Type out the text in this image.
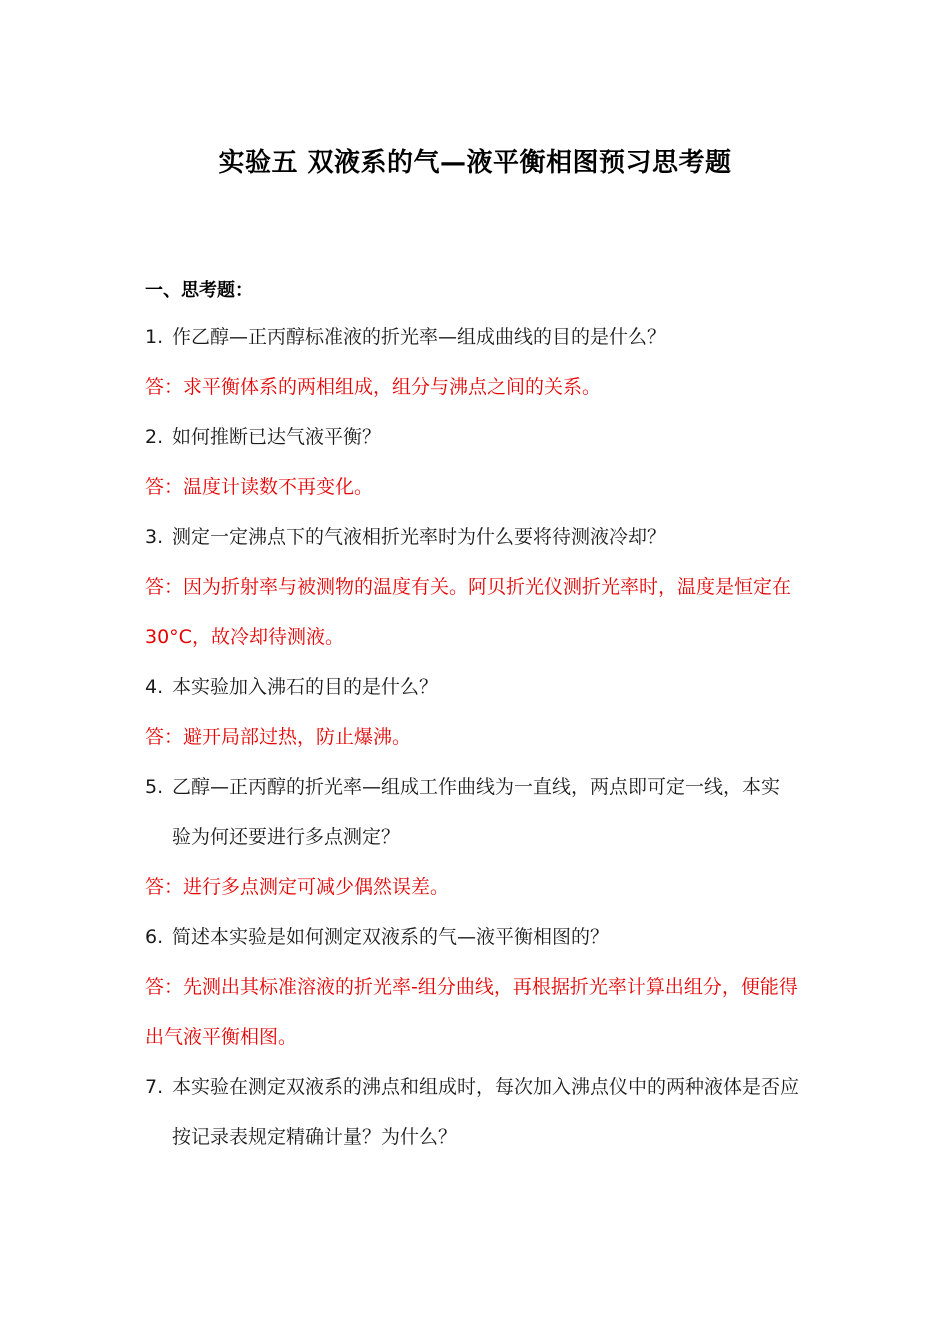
实验五 双液系的气—液平衡相图预习思考题
一、思考题：
1. 作乙醇—正丙醇标准液的折光率—组成曲线的目的是什么？
答：求平衡体系的两相组成，组分与沸点之间的关系。
2. 如何推断已达气液平衡？
答：温度计读数不再变化。
3. 测定一定沸点下的气液相折光率时为什么要将待测液冷却？
答：因为折射率与被测物的温度有关。阿贝折光仪测折光率时，温度是恒定在
30°C，故冷却待测液。
4. 本实验加入沸石的目的是什么？
答：避开局部过热，防止爆沸。
5. 乙醇—正丙醇的折光率—组成工作曲线为一直线，两点即可定一线，本实
验为何还要进行多点测定？
答：进行多点测定可减少偶然误差。
6. 简述本实验是如何测定双液系的气—液平衡相图的？
答：先测出其标准溶液的折光率-组分曲线，再根据折光率计算出组分，便能得
出气液平衡相图。
7. 本实验在测定双液系的沸点和组成时，每次加入沸点仪中的两种液体是否应
按记录表规定精确计量？为什么？
